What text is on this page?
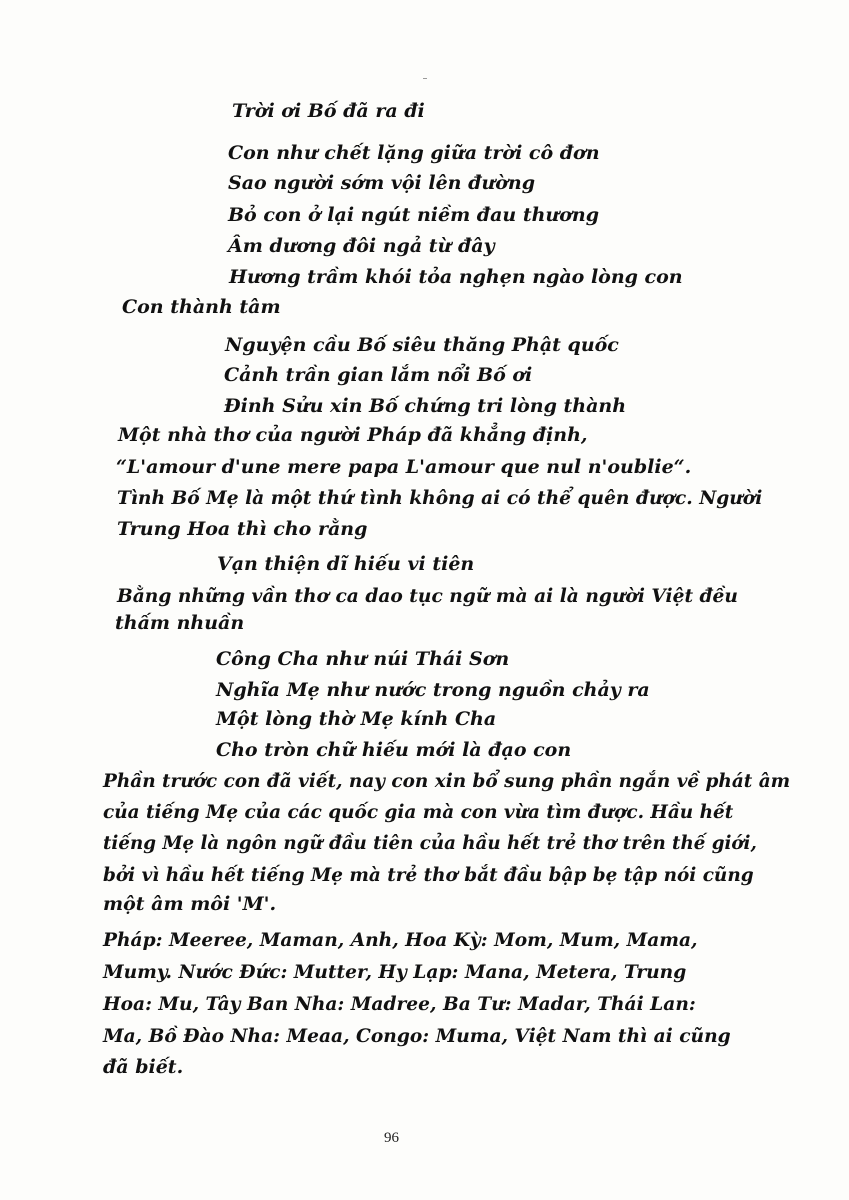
Trời ơi Bố đã ra đi
Con như chết lặng giữa trời cô đơn
Sao người sớm vội lên đường
Bỏ con ở lại ngút niềm đau thương
Âm dương đôi ngả từ đây
Hương trầm khói tỏa nghẹn ngào lòng con
Con thành tâm
Nguyện cầu Bố siêu thăng Phật quốc
Cảnh trần gian lắm nổi Bố ơi
Đinh Sửu xin Bố chứng tri lòng thành
Một nhà thơ của người Pháp đã khẳng định,
“L'amour d'une mere papa L'amour que nul n'oublie“.
Tình Bố Mẹ là một thứ tình không ai có thể quên được. Người
Trung Hoa thì cho rằng
Vạn thiện dĩ hiếu vi tiên
Bằng những vần thơ ca dao tục ngữ mà ai là người Việt đều
thấm nhuần
Công Cha như núi Thái Sơn
Nghĩa Mẹ như nước trong nguồn chảy ra
Một lòng thờ Mẹ kính Cha
Cho tròn chữ hiếu mới là đạo con
Phần trước con đã viết, nay con xin bổ sung phần ngắn về phát âm
của tiếng Mẹ của các quốc gia mà con vừa tìm được. Hầu hết
tiếng Mẹ là ngôn ngữ đầu tiên của hầu hết trẻ thơ trên thế giới,
bởi vì hầu hết tiếng Mẹ mà trẻ thơ bắt đầu bập bẹ tập nói cũng
một âm môi 'M'.
Pháp: Meeree, Maman, Anh, Hoa Kỳ: Mom, Mum, Mama,
Mumy. Nước Đức: Mutter, Hy Lạp: Mana, Metera, Trung
Hoa: Mu, Tây Ban Nha: Madree, Ba Tư: Madar, Thái Lan:
Ma, Bồ Đào Nha: Meaa, Congo: Muma, Việt Nam thì ai cũng
đã biết.
96
